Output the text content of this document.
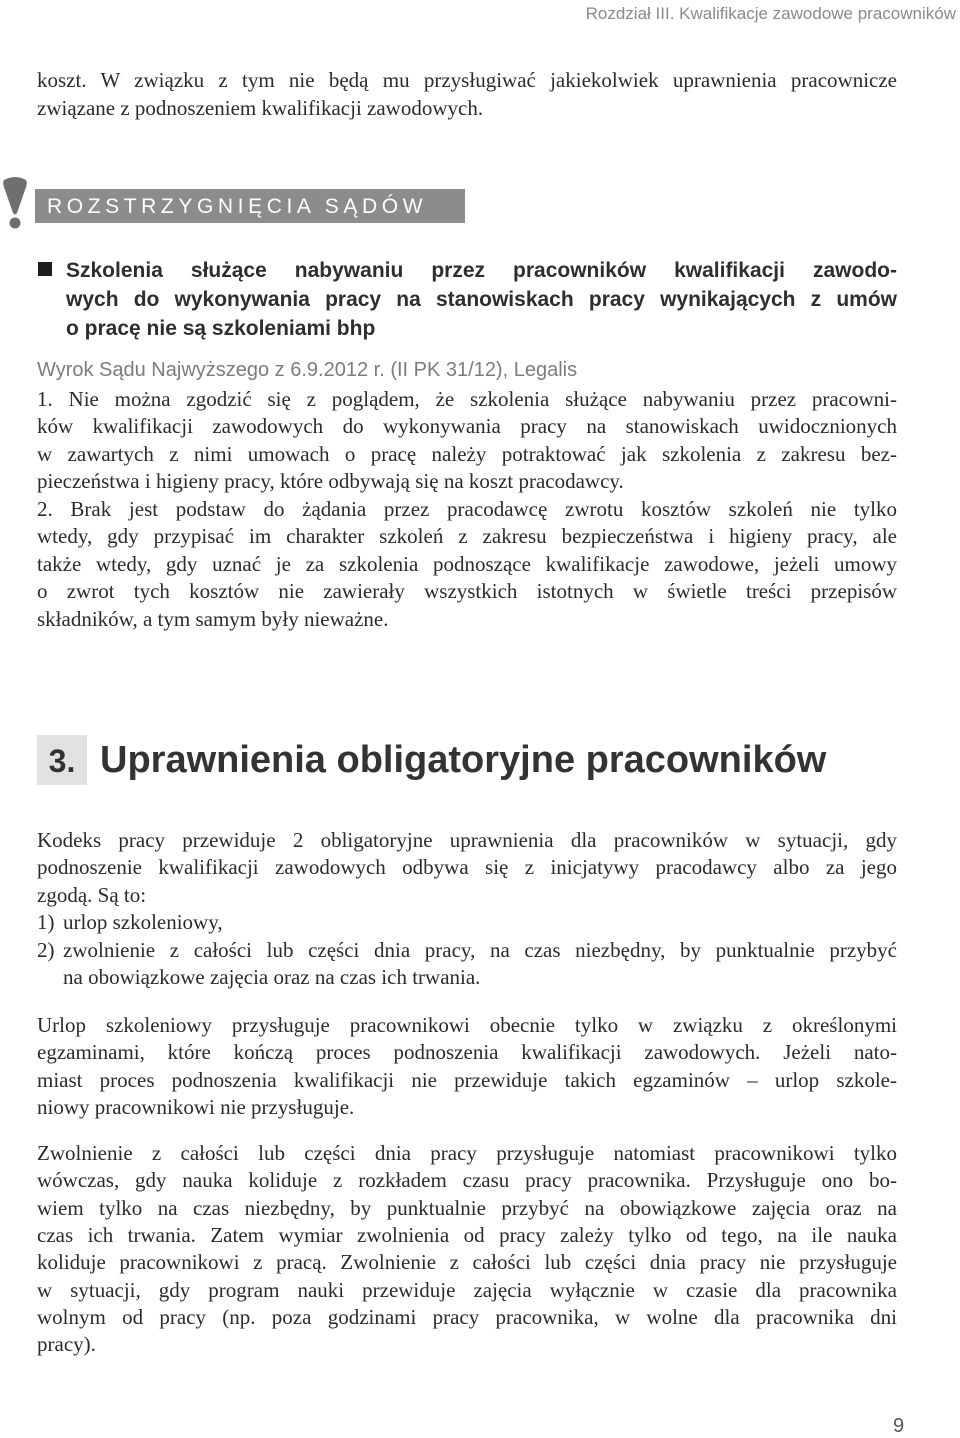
Rozdział III. Kwalifikacje zawodowe pracowników
koszt. W związku z tym nie będą mu przysługiwać jakiekolwiek uprawnienia pracownicze
związane z podnoszeniem kwalifikacji zawodowych.
ROZSTRZYGNIĘCIA SĄDÓW
Szkolenia służące nabywaniu przez pracowników kwalifikacji zawodo-
wych do wykonywania pracy na stanowiskach pracy wynikających z umów
o pracę nie są szkoleniami bhp
Wyrok Sądu Najwyższego z 6.9.2012 r. (II PK 31/12), Legalis
1. Nie można zgodzić się z poglądem, że szkolenia służące nabywaniu przez pracowni-
ków kwalifikacji zawodowych do wykonywania pracy na stanowiskach uwidocznionych
w zawartych z nimi umowach o pracę należy potraktować jak szkolenia z zakresu bez-
pieczeństwa i higieny pracy, które odbywają się na koszt pracodawcy.
2. Brak jest podstaw do żądania przez pracodawcę zwrotu kosztów szkoleń nie tylko
wtedy, gdy przypisać im charakter szkoleń z zakresu bezpieczeństwa i higieny pracy, ale
także wtedy, gdy uznać je za szkolenia podnoszące kwalifikacje zawodowe, jeżeli umowy
o zwrot tych kosztów nie zawierały wszystkich istotnych w świetle treści przepisów
składników, a tym samym były nieważne.
3. Uprawnienia obligatoryjne pracowników
Kodeks pracy przewiduje 2 obligatoryjne uprawnienia dla pracowników w sytuacji, gdy
podnoszenie kwalifikacji zawodowych odbywa się z inicjatywy pracodawcy albo za jego
zgodą. Są to:
1) urlop szkoleniowy,
2) zwolnienie z całości lub części dnia pracy, na czas niezbędny, by punktualnie przybyć
na obowiązkowe zajęcia oraz na czas ich trwania.
Urlop szkoleniowy przysługuje pracownikowi obecnie tylko w związku z określonymi
egzaminami, które kończą proces podnoszenia kwalifikacji zawodowych. Jeżeli nato-
miast proces podnoszenia kwalifikacji nie przewiduje takich egzaminów – urlop szkole-
niowy pracownikowi nie przysługuje.
Zwolnienie z całości lub części dnia pracy przysługuje natomiast pracownikowi tylko
wówczas, gdy nauka koliduje z rozkładem czasu pracy pracownika. Przysługuje ono bo-
wiem tylko na czas niezbędny, by punktualnie przybyć na obowiązkowe zajęcia oraz na
czas ich trwania. Zatem wymiar zwolnienia od pracy zależy tylko od tego, na ile nauka
koliduje pracownikowi z pracą. Zwolnienie z całości lub części dnia pracy nie przysługuje
w sytuacji, gdy program nauki przewiduje zajęcia wyłącznie w czasie dla pracownika
wolnym od pracy (np. poza godzinami pracy pracownika, w wolne dla pracownika dni
pracy).
9
